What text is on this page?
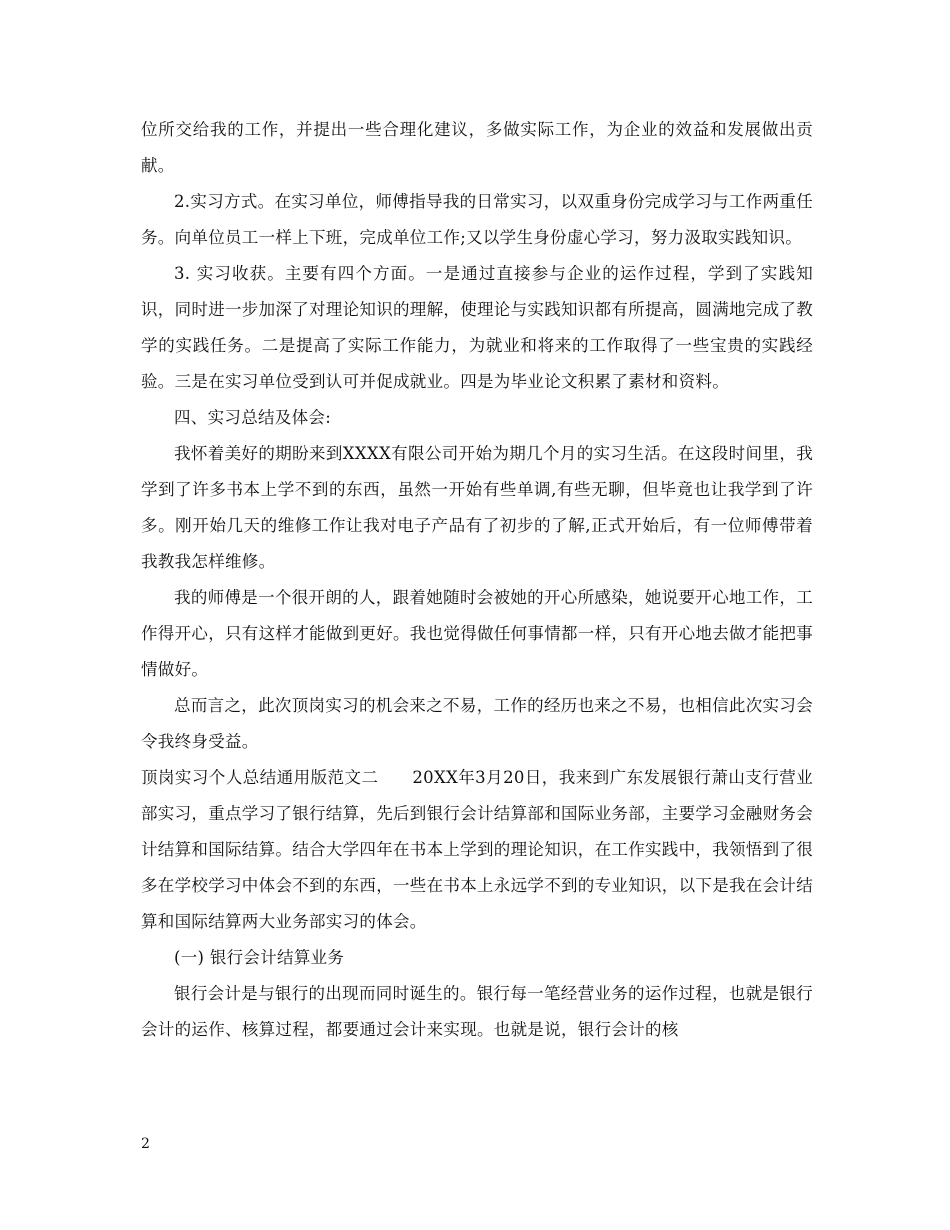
位所交给我的工作，并提出一些合理化建议，多做实际工作，为企业的效益和发展做出贡献。

2.实习方式。在实习单位，师傅指导我的日常实习，以双重身份完成学习与工作两重任务。向单位员工一样上下班，完成单位工作;又以学生身份虚心学习，努力汲取实践知识。

3. 实习收获。主要有四个方面。一是通过直接参与企业的运作过程，学到了实践知识，同时进一步加深了对理论知识的理解，使理论与实践知识都有所提高，圆满地完成了教学的实践任务。二是提高了实际工作能力，为就业和将来的工作取得了一些宝贵的实践经验。三是在实习单位受到认可并促成就业。四是为毕业论文积累了素材和资料。

四、实习总结及体会:

我怀着美好的期盼来到XXXX有限公司开始为期几个月的实习生活。在这段时间里，我学到了许多书本上学不到的东西，虽然一开始有些单调,有些无聊，但毕竟也让我学到了许多。刚开始几天的维修工作让我对电子产品有了初步的了解,正式开始后，有一位师傅带着我教我怎样维修。

我的师傅是一个很开朗的人，跟着她随时会被她的开心所感染，她说要开心地工作，工作得开心，只有这样才能做到更好。我也觉得做任何事情都一样，只有开心地去做才能把事情做好。

总而言之，此次顶岗实习的机会来之不易，工作的经历也来之不易，也相信此次实习会令我终身受益。

顶岗实习个人总结通用版范文二　　20XX年3月20日，我来到广东发展银行萧山支行营业部实习，重点学习了银行结算，先后到银行会计结算部和国际业务部，主要学习金融财务会计结算和国际结算。结合大学四年在书本上学到的理论知识，在工作实践中，我领悟到了很多在学校学习中体会不到的东西，一些在书本上永远学不到的专业知识，以下是我在会计结算和国际结算两大业务部实习的体会。

(一) 银行会计结算业务

银行会计是与银行的出现而同时诞生的。银行每一笔经营业务的运作过程，也就是银行会计的运作、核算过程，都要通过会计来实现。也就是说，银行会计的核

2
